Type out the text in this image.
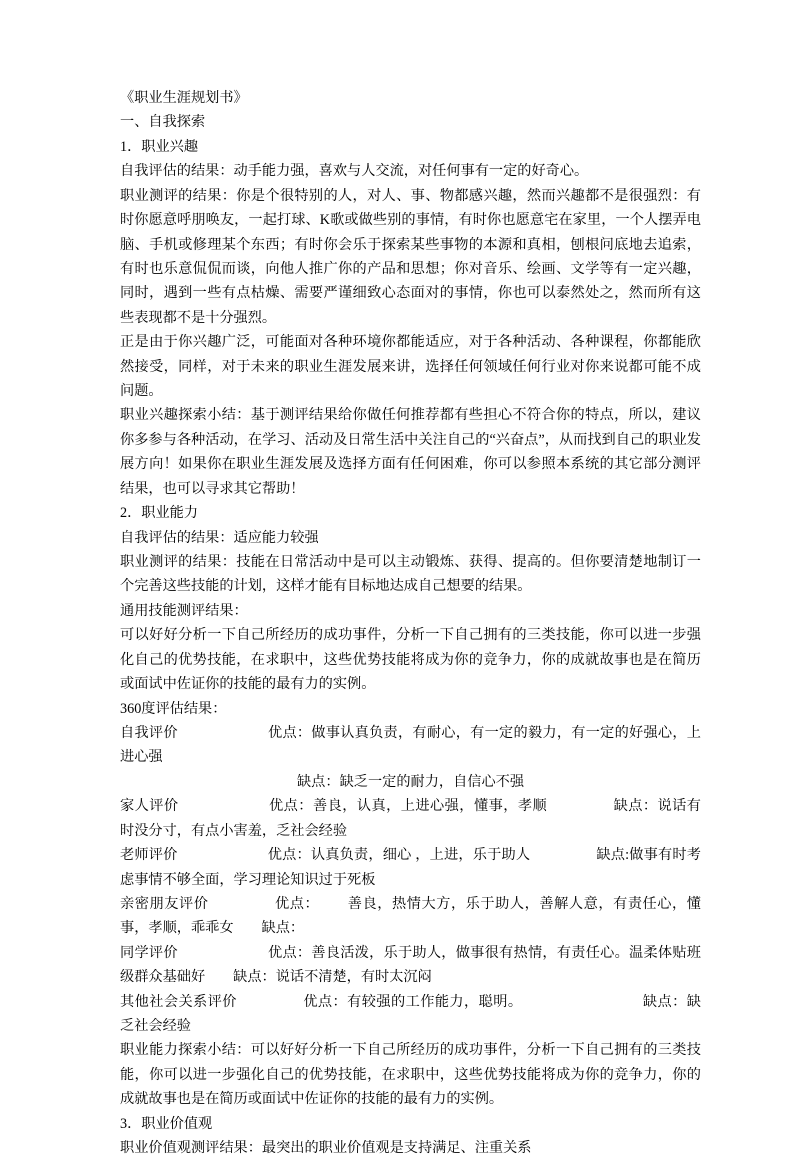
《职业生涯规划书》

一、自我探索

1．职业兴趣

自我评估的结果：动手能力强，喜欢与人交流，对任何事有一定的好奇心。

职业测评的结果：你是个很特别的人，对人、事、物都感兴趣，然而兴趣都不是很强烈：有时你愿意呼朋唤友，一起打球、K歌或做些别的事情，有时你也愿意宅在家里，一个人摆弄电脑、手机或修理某个东西；有时你会乐于探索某些事物的本源和真相，刨根问底地去追索，有时也乐意侃侃而谈，向他人推广你的产品和思想；你对音乐、绘画、文学等有一定兴趣，同时，遇到一些有点枯燥、需要严谨细致心态面对的事情，你也可以泰然处之，然而所有这些表现都不是十分强烈。

正是由于你兴趣广泛，可能面对各种环境你都能适应，对于各种活动、各种课程，你都能欣然接受，同样，对于未来的职业生涯发展来讲，选择任何领域任何行业对你来说都可能不成问题。

职业兴趣探索小结：基于测评结果给你做任何推荐都有些担心不符合你的特点，所以，建议你多参与各种活动，在学习、活动及日常生活中关注自己的“兴奋点”，从而找到自己的职业发展方向！如果你在职业生涯发展及选择方面有任何困难，你可以参照本系统的其它部分测评结果，也可以寻求其它帮助！

2．职业能力

自我评估的结果：适应能力较强

职业测评的结果：技能在日常活动中是可以主动锻炼、获得、提高的。但你要清楚地制订一个完善这些技能的计划，这样才能有目标地达成自己想要的结果。

通用技能测评结果：

可以好好分析一下自己所经历的成功事件，分析一下自己拥有的三类技能，你可以进一步强化自己的优势技能，在求职中，这些优势技能将成为你的竞争力，你的成就故事也是在简历或面试中佐证你的技能的最有力的实例。

360度评估结果：

自我评价	优点：做事认真负责，有耐心，有一定的毅力，有一定的好强心，上进心强

缺点：缺乏一定的耐力，自信心不强

家人评价	优点：善良，认真，上进心强，懂事，孝顺	缺点：说话有时没分寸，有点小害羞，乏社会经验

老师评价	优点：认真负责，细心 ，上进，乐于助人	缺点:做事有时考虑事情不够全面，学习理论知识过于死板

亲密朋友评价	优点： 善良，热情大方，乐于助人，善解人意，有责任心，懂事，孝顺，乖乖女 缺点：

同学评价	优点：善良活泼，乐于助人，做事很有热情，有责任心。温柔体贴班级群众基础好 缺点：说话不清楚，有时太沉闷

其他社会关系评价	优点：有较强的工作能力，聪明。	缺点：缺乏社会经验

职业能力探索小结：可以好好分析一下自己所经历的成功事件，分析一下自己拥有的三类技能，你可以进一步强化自己的优势技能，在求职中，这些优势技能将成为你的竞争力，你的成就故事也是在简历或面试中佐证你的技能的最有力的实例。

3．职业价值观

职业价值观测评结果：最突出的职业价值观是支持满足、注重关系
